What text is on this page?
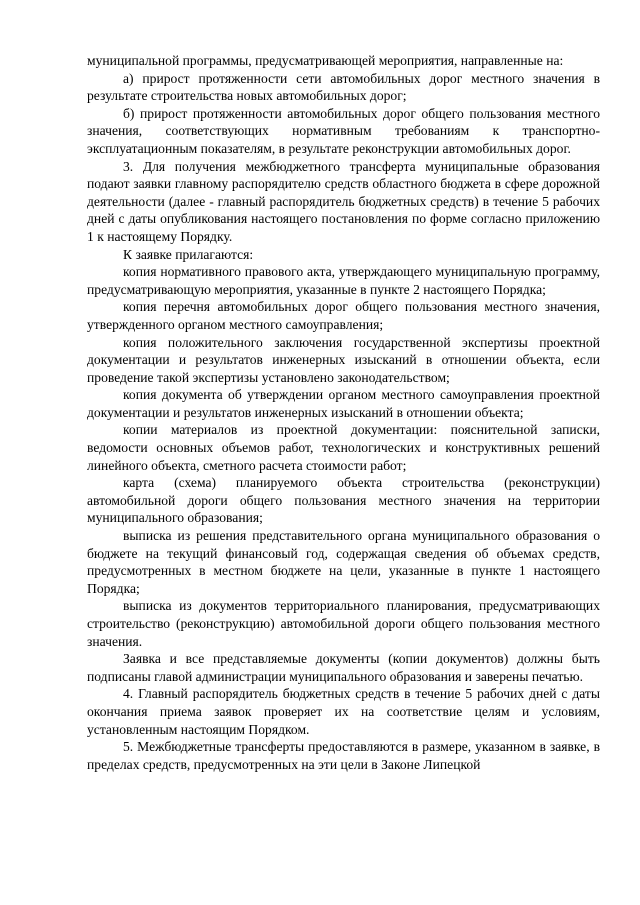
муниципальной программы, предусматривающей мероприятия, направленные на:

а) прирост протяженности сети автомобильных дорог местного значения в результате строительства новых автомобильных дорог;

б) прирост протяженности автомобильных дорог общего пользования местного значения, соответствующих нормативным требованиям к транспортно-эксплуатационным показателям, в результате реконструкции автомобильных дорог.

3. Для получения межбюджетного трансферта муниципальные образования подают заявки главному распорядителю средств областного бюджета в сфере дорожной деятельности (далее - главный распорядитель бюджетных средств) в течение 5 рабочих дней с даты опубликования настоящего постановления по форме согласно приложению 1 к настоящему Порядку.

К заявке прилагаются:

копия нормативного правового акта, утверждающего муниципальную программу, предусматривающую мероприятия, указанные в пункте 2 настоящего Порядка;

копия перечня автомобильных дорог общего пользования местного значения, утвержденного органом местного самоуправления;

копия положительного заключения государственной экспертизы проектной документации и результатов инженерных изысканий в отношении объекта, если проведение такой экспертизы установлено законодательством;

копия документа об утверждении органом местного самоуправления проектной документации и результатов инженерных изысканий в отношении объекта;

копии материалов из проектной документации: пояснительной записки, ведомости основных объемов работ, технологических и конструктивных решений линейного объекта, сметного расчета стоимости работ;

карта (схема) планируемого объекта строительства (реконструкции) автомобильной дороги общего пользования местного значения на территории муниципального образования;

выписка из решения представительного органа муниципального образования о бюджете на текущий финансовый год, содержащая сведения об объемах средств, предусмотренных в местном бюджете на цели, указанные в пункте 1 настоящего Порядка;

выписка из документов территориального планирования, предусматривающих строительство (реконструкцию) автомобильной дороги общего пользования местного значения.

Заявка и все представляемые документы (копии документов) должны быть подписаны главой администрации муниципального образования и заверены печатью.

4. Главный распорядитель бюджетных средств в течение 5 рабочих дней с даты окончания приема заявок проверяет их на соответствие целям и условиям, установленным настоящим Порядком.

5. Межбюджетные трансферты предоставляются в размере, указанном в заявке, в пределах средств, предусмотренных на эти цели в Законе Липецкой
